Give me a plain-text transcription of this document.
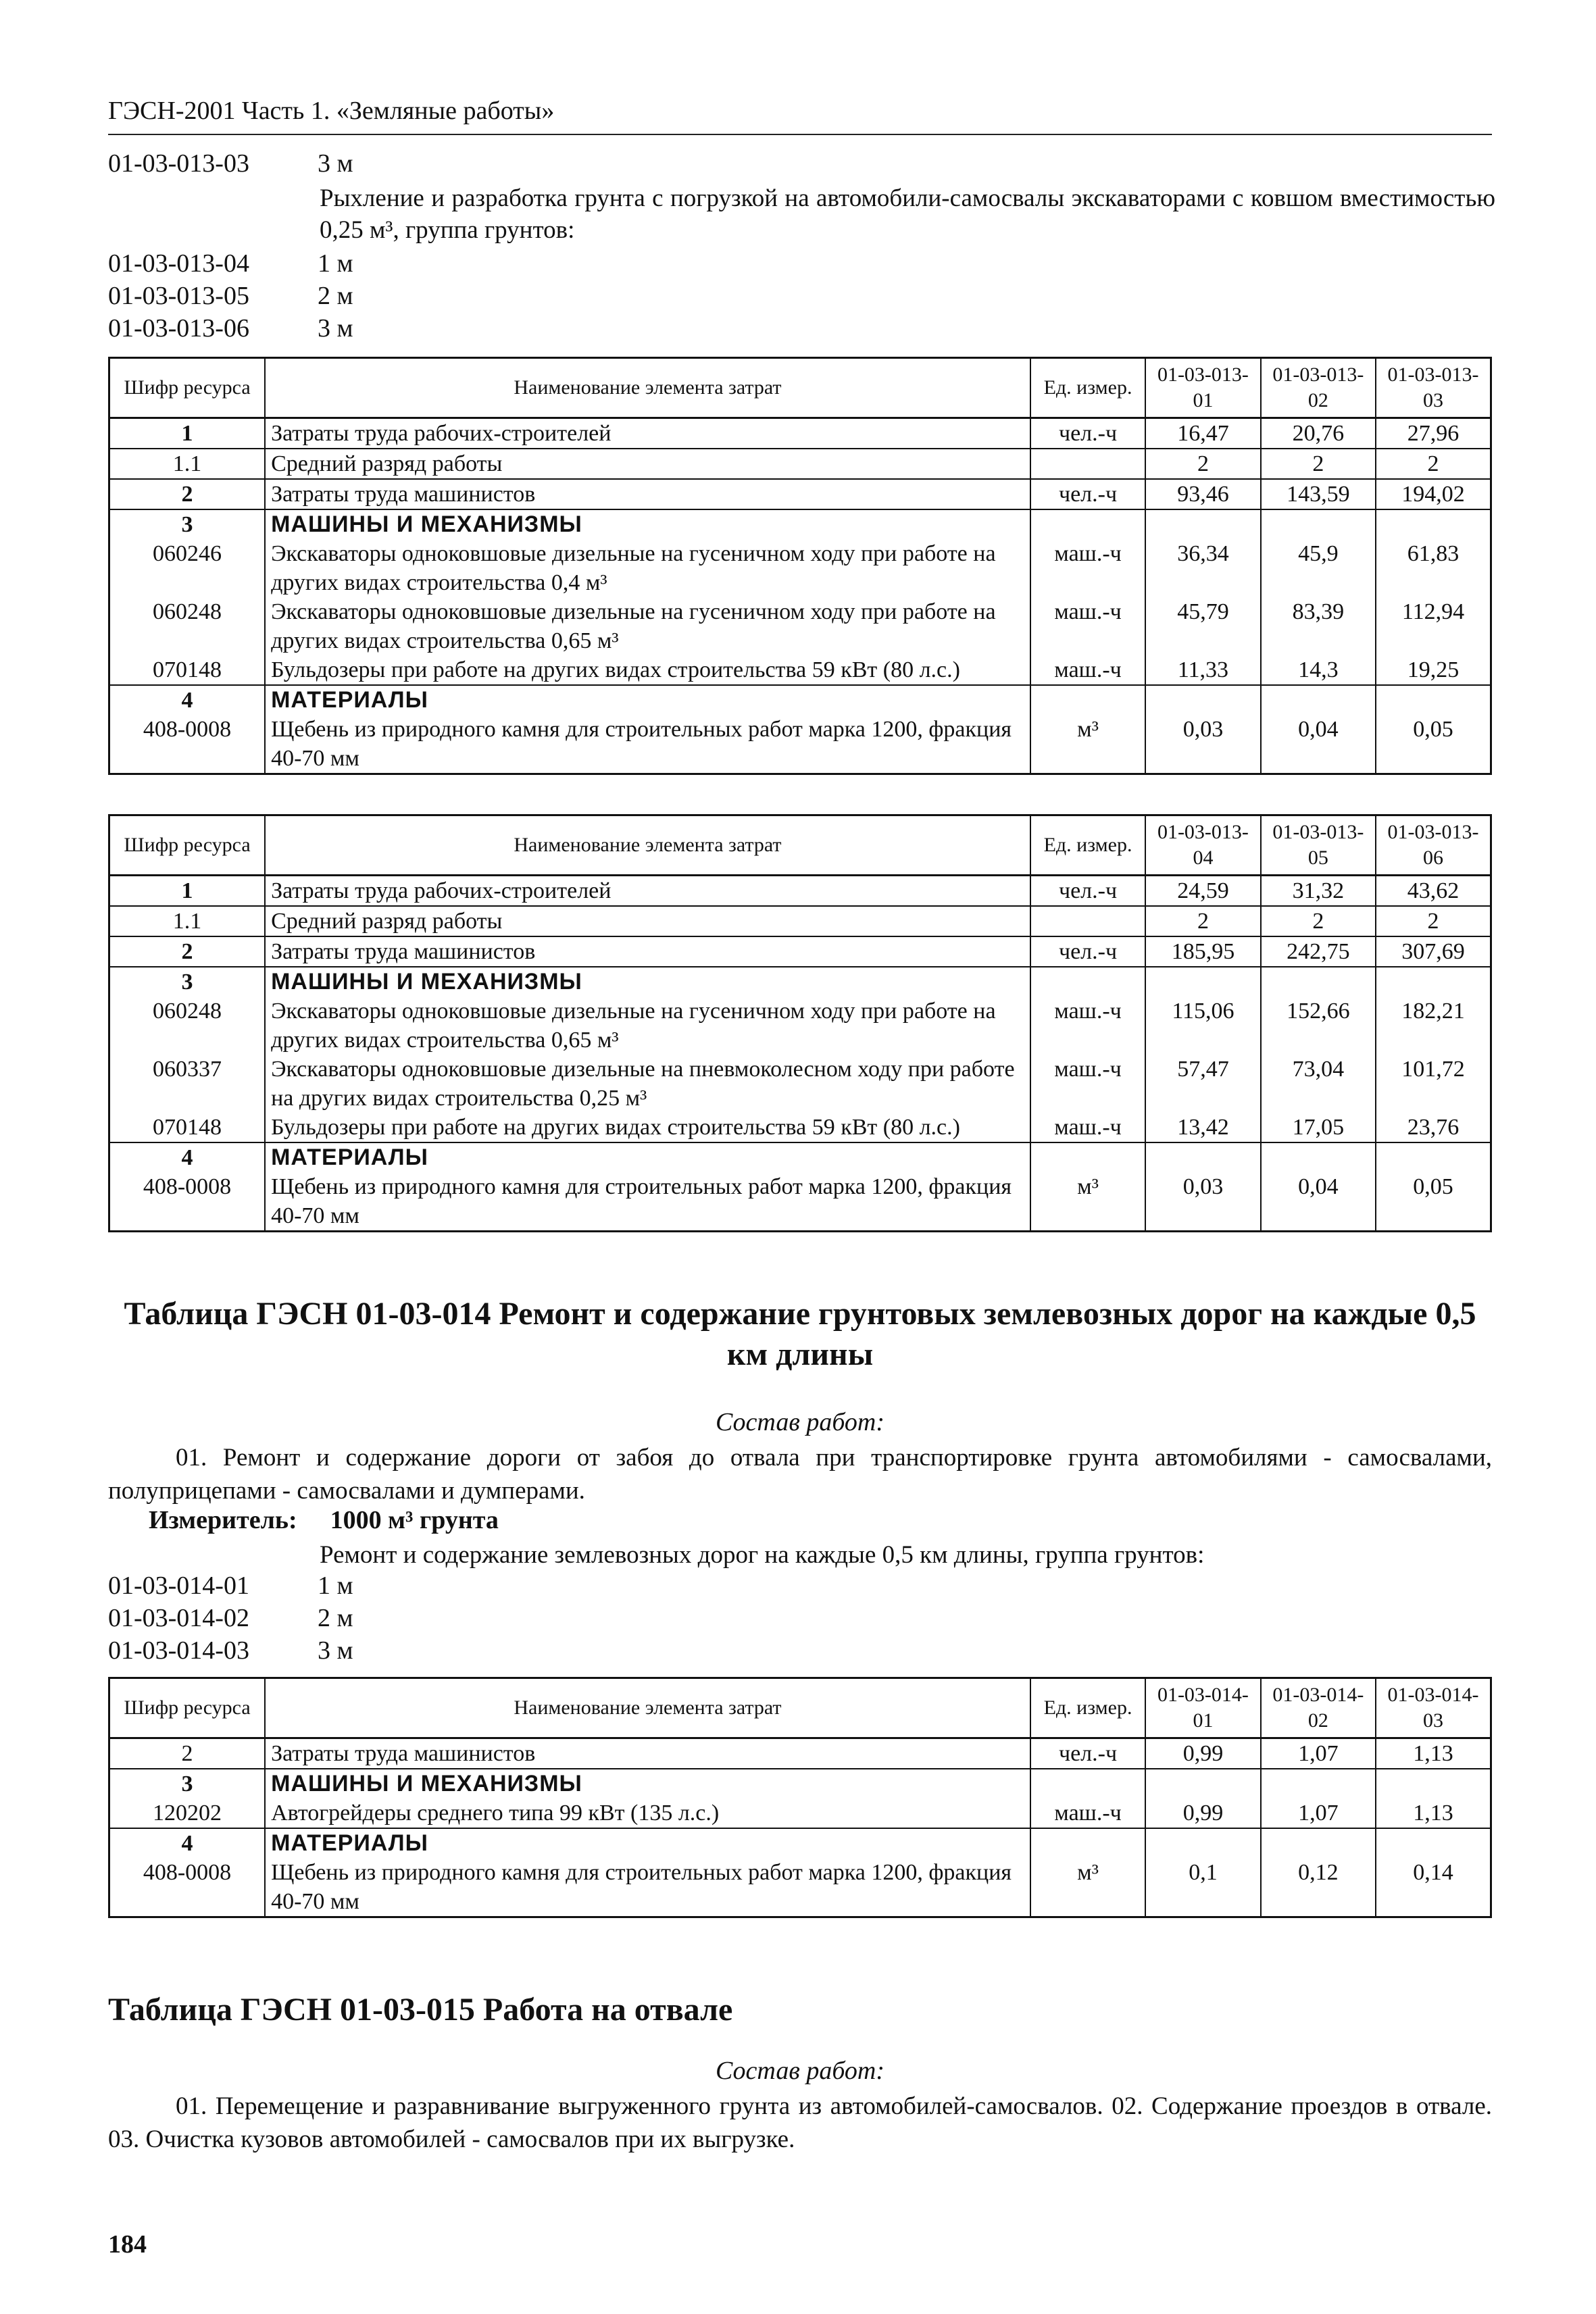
ГЭСН-2001 Часть 1. «Земляные работы»
01-03-013-03	3 м
Рыхление и разработка грунта с погрузкой на автомобили-самосвалы экскаваторами с ковшом вместимостью 0,25 м³, группа грунтов:
01-03-013-04	1 м
01-03-013-05	2 м
01-03-013-06	3 м
Шифр ресурса	Наименование элемента затрат	Ед. измер.	01-03-013-01	01-03-013-02	01-03-013-03
1	Затраты труда рабочих-строителей	чел.-ч	16,47	20,76	27,96
1.1	Средний разряд работы		2	2	2
2	Затраты труда машинистов	чел.-ч	93,46	143,59	194,02
3	МАШИНЫ И МЕХАНИЗМЫ				
060246	Экскаваторы одноковшовые дизельные на гусеничном ходу при работе на других видах строительства 0,4 м³	маш.-ч	36,34	45,9	61,83
060248	Экскаваторы одноковшовые дизельные на гусеничном ходу при работе на других видах строительства 0,65 м³	маш.-ч	45,79	83,39	112,94
070148	Бульдозеры при работе на других видах строительства 59 кВт (80 л.с.)	маш.-ч	11,33	14,3	19,25
4	МАТЕРИАЛЫ				
408-0008	Щебень из природного камня для строительных работ марка 1200, фракция 40-70 мм	м³	0,03	0,04	0,05
Шифр ресурса	Наименование элемента затрат	Ед. измер.	01-03-013-04	01-03-013-05	01-03-013-06
1	Затраты труда рабочих-строителей	чел.-ч	24,59	31,32	43,62
1.1	Средний разряд работы		2	2	2
2	Затраты труда машинистов	чел.-ч	185,95	242,75	307,69
3	МАШИНЫ И МЕХАНИЗМЫ				
060248	Экскаваторы одноковшовые дизельные на гусеничном ходу при работе на других видах строительства 0,65 м³	маш.-ч	115,06	152,66	182,21
060337	Экскаваторы одноковшовые дизельные на пневмоколесном ходу при работе на других видах строительства 0,25 м³	маш.-ч	57,47	73,04	101,72
070148	Бульдозеры при работе на других видах строительства 59 кВт (80 л.с.)	маш.-ч	13,42	17,05	23,76
4	МАТЕРИАЛЫ				
408-0008	Щебень из природного камня для строительных работ марка 1200, фракция 40-70 мм	м³	0,03	0,04	0,05
Таблица ГЭСН 01-03-014 Ремонт и содержание грунтовых землевозных дорог на каждые 0,5 км длины
Состав работ:
01. Ремонт и содержание дороги от забоя до отвала при транспортировке грунта автомобилями - самосвалами, полуприцепами - самосвалами и думперами.
Измеритель: 1000 м³ грунта
Ремонт и содержание землевозных дорог на каждые 0,5 км длины, группа грунтов:
01-03-014-01	1 м
01-03-014-02	2 м
01-03-014-03	3 м
Шифр ресурса	Наименование элемента затрат	Ед. измер.	01-03-014-01	01-03-014-02	01-03-014-03
2	Затраты труда машинистов	чел.-ч	0,99	1,07	1,13
3	МАШИНЫ И МЕХАНИЗМЫ				
120202	Автогрейдеры среднего типа 99 кВт (135 л.с.)	маш.-ч	0,99	1,07	1,13
4	МАТЕРИАЛЫ				
408-0008	Щебень из природного камня для строительных работ марка 1200, фракция 40-70 мм	м³	0,1	0,12	0,14
Таблица ГЭСН 01-03-015 Работа на отвале
Состав работ:
01. Перемещение и разравнивание выгруженного грунта из автомобилей-самосвалов. 02. Содержание проездов в отвале. 03. Очистка кузовов автомобилей - самосвалов при их выгрузке.
184
